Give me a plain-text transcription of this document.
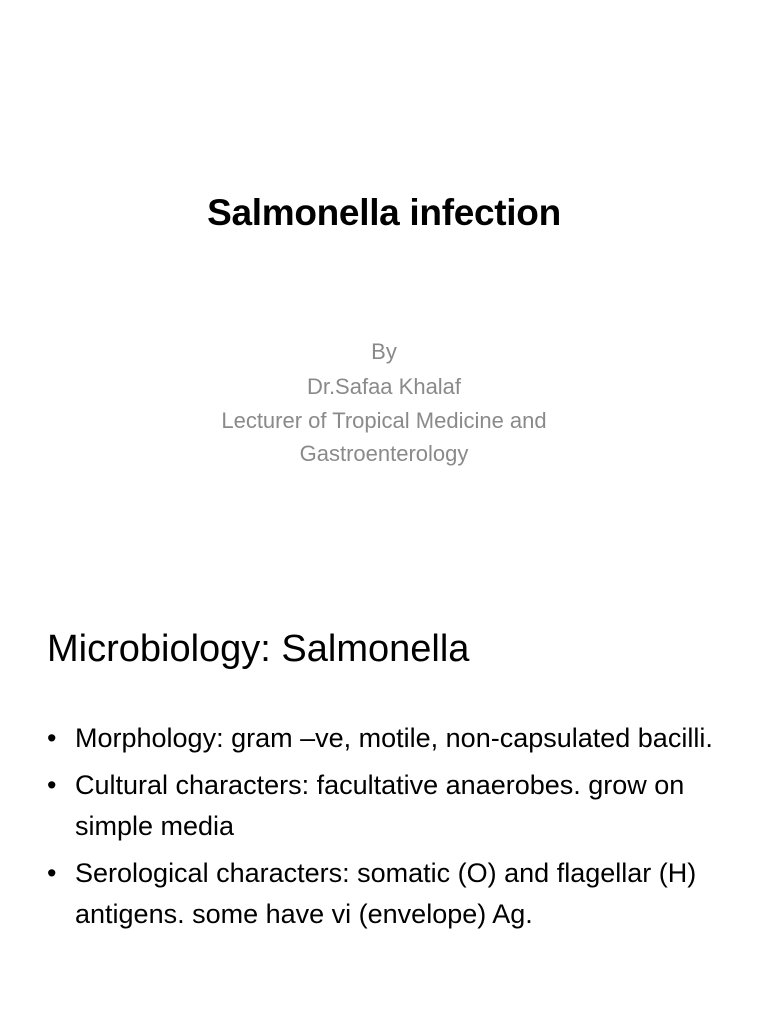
Salmonella infection
By
Dr.Safaa Khalaf
Lecturer of Tropical Medicine and Gastroenterology
Microbiology: Salmonella
• Morphology: gram –ve, motile, non-capsulated bacilli.
• Cultural characters: facultative anaerobes. grow on simple media
• Serological characters: somatic (O) and flagellar (H) antigens. some have vi (envelope) Ag.
